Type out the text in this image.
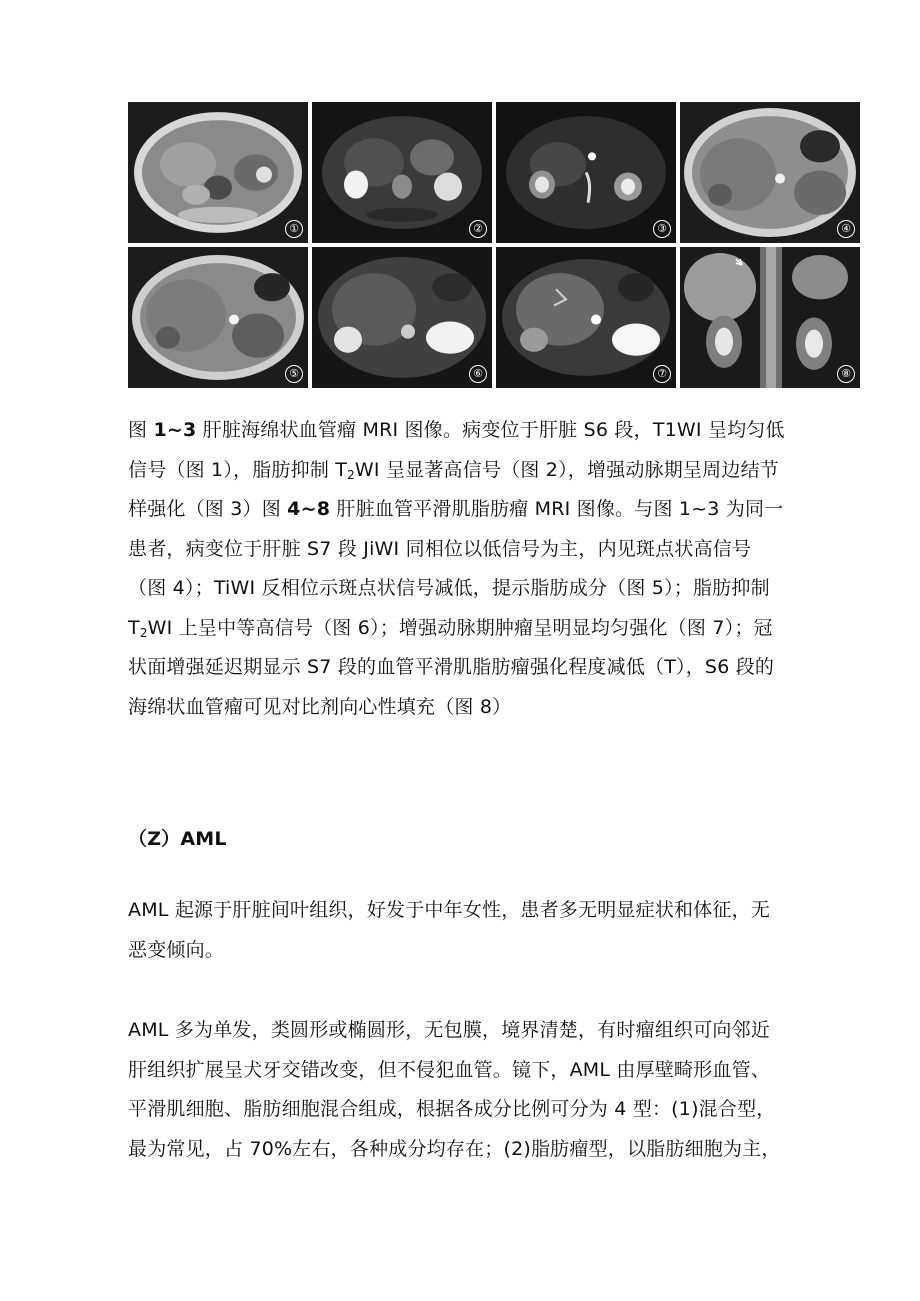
①	②	③	④
⑤	⑥	⑦	⑧
图 1~3 肝脏海绵状血管瘤 MRI 图像。病变位于肝脏 S6 段，T1WI 呈均匀低
信号（图 1），脂肪抑制 $T_2WI$ 呈显著高信号（图 2），增强动脉期呈周边结节
样强化（图 3）图 4~8 肝脏血管平滑肌脂肪瘤 MRI 图像。与图 1~3 为同一
患者，病变位于肝脏 S7 段 JiWI 同相位以低信号为主，内见斑点状高信号
（图 4）；TiWI 反相位示斑点状信号减低，提示脂肪成分（图 5）；脂肪抑制
$T_2WI$ 上呈中等高信号（图 6）；增强动脉期肿瘤呈明显均匀强化（图 7）；冠
状面增强延迟期显示 S7 段的血管平滑肌脂肪瘤强化程度减低（T），S6 段的
海绵状血管瘤可见对比剂向心性填充（图 8）
（Z）AML
AML 起源于肝脏间叶组织，好发于中年女性，患者多无明显症状和体征，无
恶变倾向。
AML 多为单发，类圆形或椭圆形，无包膜，境界清楚，有时瘤组织可向邻近
肝组织扩展呈犬牙交错改变，但不侵犯血管。镜下，AML 由厚壁畸形血管、
平滑肌细胞、脂肪细胞混合组成，根据各成分比例可分为 4 型：(1)混合型，
最为常见，占 70%左右，各种成分均存在；(2)脂肪瘤型，以脂肪细胞为主，
